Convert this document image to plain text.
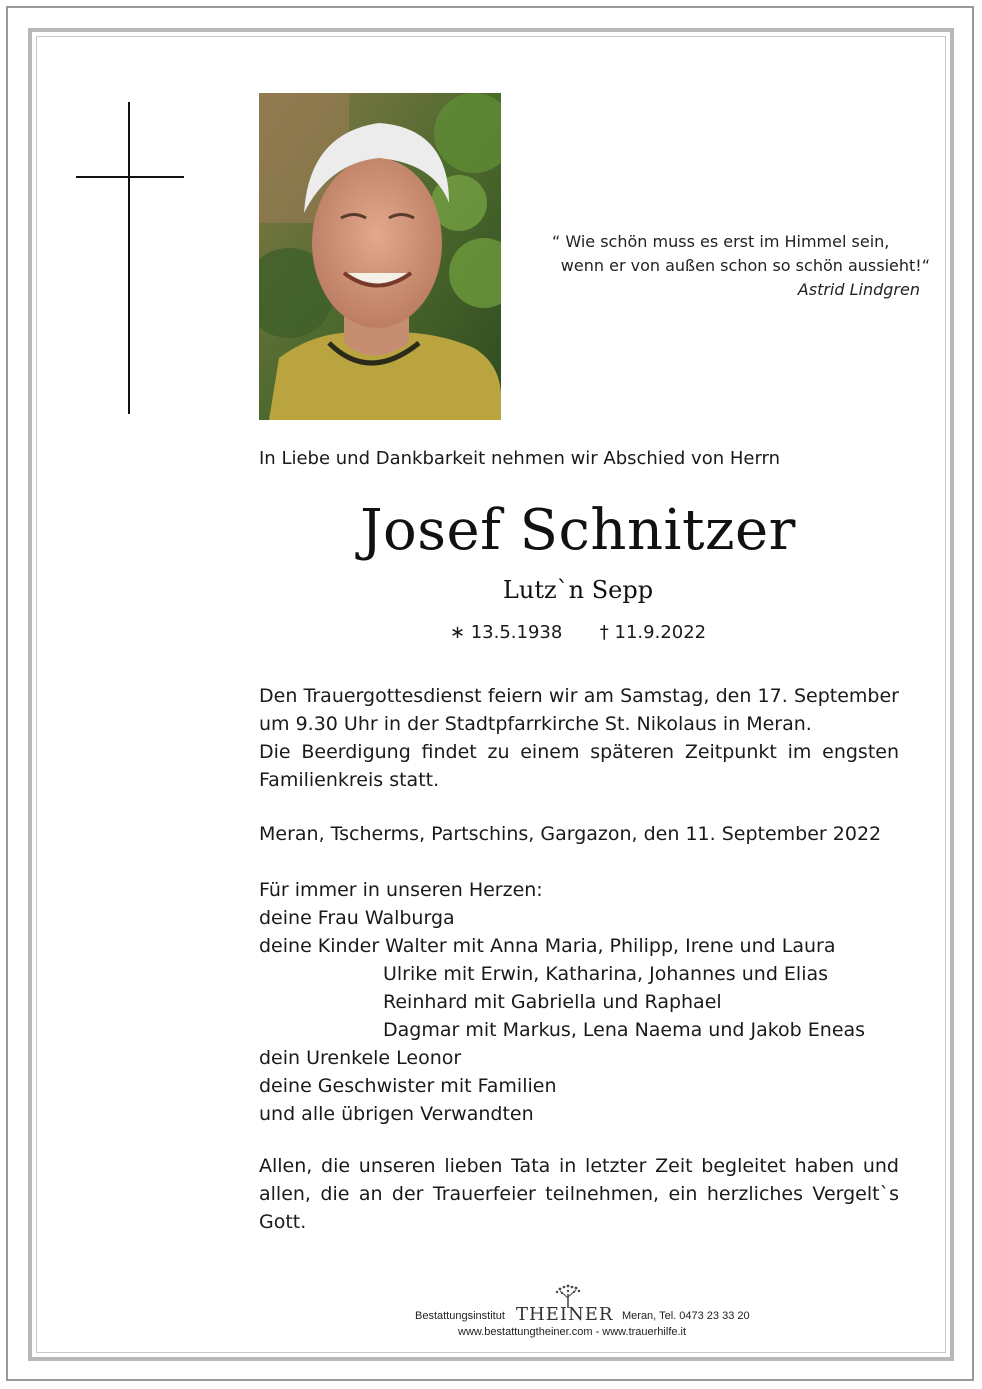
“ Wie schön muss es erst im Himmel sein,
wenn er von außen schon so schön aussieht!“
Astrid Lindgren
In Liebe und Dankbarkeit nehmen wir Abschied von Herrn
Josef Schnitzer
Lutz`n Sepp
∗ 13.5.1938 † 11.9.2022
Den Trauergottesdienst feiern wir am Samstag, den 17. September um 9.30 Uhr in der Stadtpfarrkirche St. Nikolaus in Meran.
Die Beerdigung findet zu einem späteren Zeitpunkt im engsten Familienkreis statt.
Meran, Tscherms, Partschins, Gargazon, den 11. September 2022
Für immer in unseren Herzen:
deine Frau Walburga
deine Kinder Walter mit Anna Maria, Philipp, Irene und Laura
Ulrike mit Erwin, Katharina, Johannes und Elias
Reinhard mit Gabriella und Raphael
Dagmar mit Markus, Lena Naema und Jakob Eneas
dein Urenkele Leonor
deine Geschwister mit Familien
und alle übrigen Verwandten
Allen, die unseren lieben Tata in letzter Zeit begleitet haben und allen, die an der Trauerfeier teilnehmen, ein herzliches Vergelt`s Gott.
Bestattungsinstitut THEINER Meran, Tel. 0473 23 33 20
www.bestattungtheiner.com - www.trauerhilfe.it
